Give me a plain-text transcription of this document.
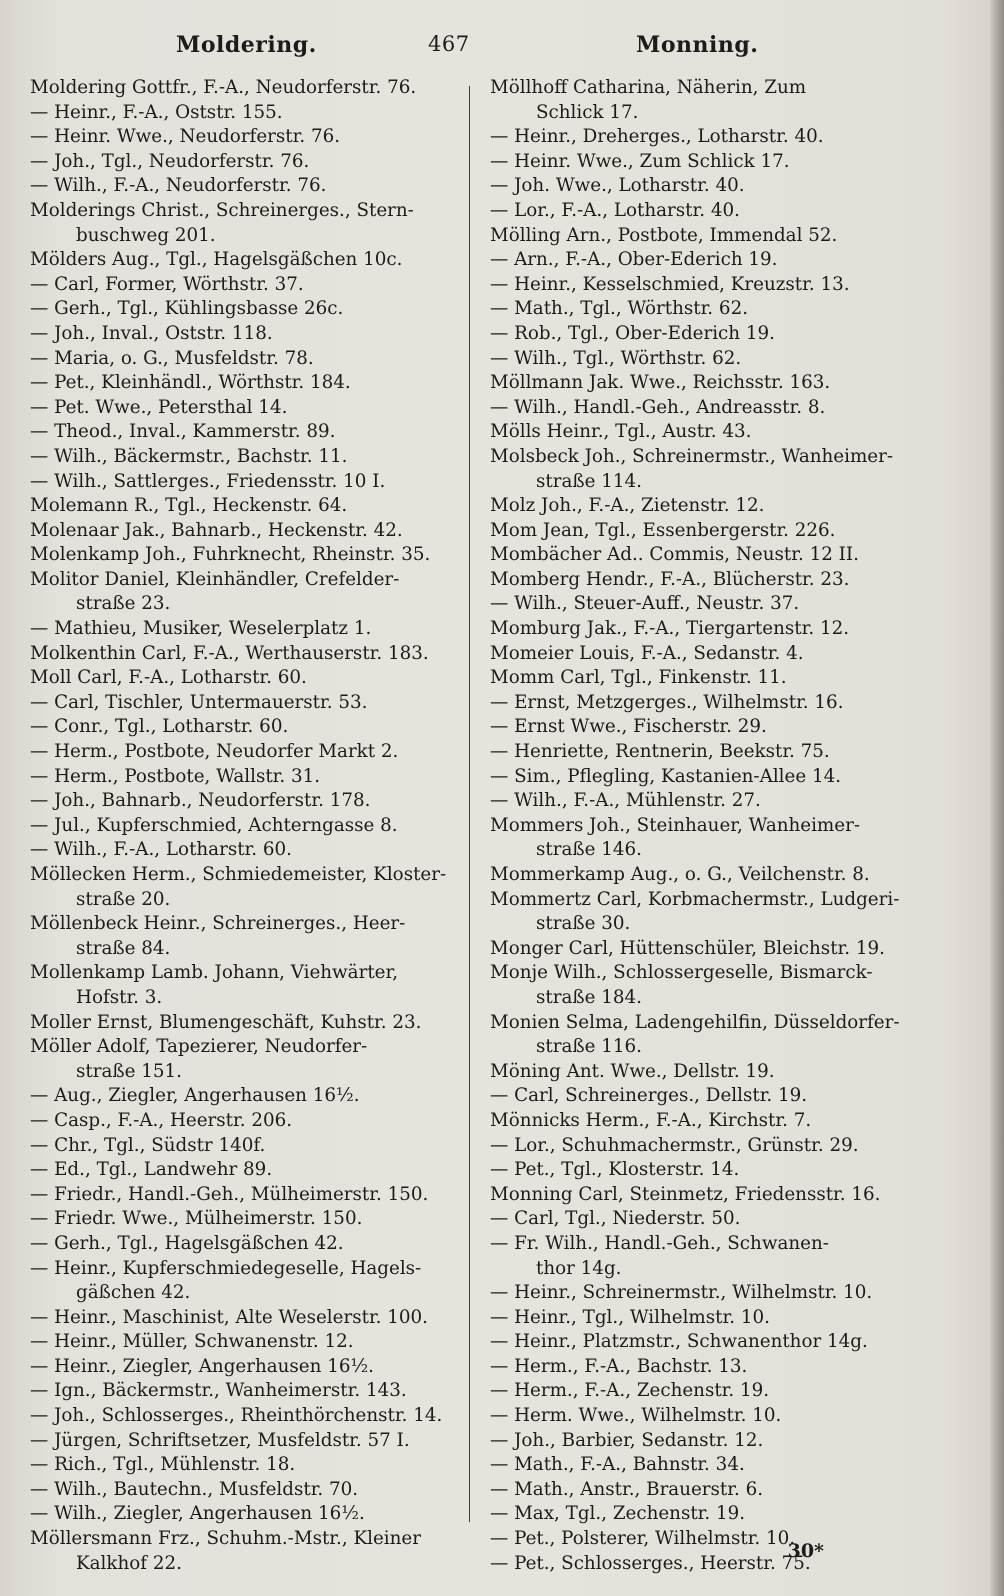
Moldering.	467	Monning.
Moldering Gottfr., F.-A., Neudorferstr. 76.
— Heinr., F.-A., Oststr. 155.
— Heinr. Wwe., Neudorferstr. 76.
— Joh., Tgl., Neudorferstr. 76.
— Wilh., F.-A., Neudorferstr. 76.
Molderings Christ., Schreinerges., Stern-
buschweg 201.
Mölders Aug., Tgl., Hagelsgäßchen 10c.
— Carl, Former, Wörthstr. 37.
— Gerh., Tgl., Kühlingsbasse 26c.
— Joh., Inval., Oststr. 118.
— Maria, o. G., Musfeldstr. 78.
— Pet., Kleinhändl., Wörthstr. 184.
— Pet. Wwe., Petersthal 14.
— Theod., Inval., Kammerstr. 89.
— Wilh., Bäckermstr., Bachstr. 11.
— Wilh., Sattlerges., Friedensstr. 10 I.
Molemann R., Tgl., Heckenstr. 64.
Molenaar Jak., Bahnarb., Heckenstr. 42.
Molenkamp Joh., Fuhrknecht, Rheinstr. 35.
Molitor Daniel, Kleinhändler, Crefelder-
straße 23.
— Mathieu, Musiker, Weselerplatz 1.
Molkenthin Carl, F.-A., Werthauserstr. 183.
Moll Carl, F.-A., Lotharstr. 60.
— Carl, Tischler, Untermauerstr. 53.
— Conr., Tgl., Lotharstr. 60.
— Herm., Postbote, Neudorfer Markt 2.
— Herm., Postbote, Wallstr. 31.
— Joh., Bahnarb., Neudorferstr. 178.
— Jul., Kupferschmied, Achterngasse 8.
— Wilh., F.-A., Lotharstr. 60.
Möllecken Herm., Schmiedemeister, Kloster-
straße 20.
Möllenbeck Heinr., Schreinerges., Heer-
straße 84.
Mollenkamp Lamb. Johann, Viehwärter,
Hofstr. 3.
Moller Ernst, Blumengeschäft, Kuhstr. 23.
Möller Adolf, Tapezierer, Neudorfer-
straße 151.
— Aug., Ziegler, Angerhausen 16½.
— Casp., F.-A., Heerstr. 206.
— Chr., Tgl., Südstr 140f.
— Ed., Tgl., Landwehr 89.
— Friedr., Handl.-Geh., Mülheimerstr. 150.
— Friedr. Wwe., Mülheimerstr. 150.
— Gerh., Tgl., Hagelsgäßchen 42.
— Heinr., Kupferschmiedegeselle, Hagels-
gäßchen 42.
— Heinr., Maschinist, Alte Weselerstr. 100.
— Heinr., Müller, Schwanenstr. 12.
— Heinr., Ziegler, Angerhausen 16½.
— Ign., Bäckermstr., Wanheimerstr. 143.
— Joh., Schlosserges., Rheinthörchenstr. 14.
— Jürgen, Schriftsetzer, Musfeldstr. 57 I.
— Rich., Tgl., Mühlenstr. 18.
— Wilh., Bautechn., Musfeldstr. 70.
— Wilh., Ziegler, Angerhausen 16½.
Möllersmann Frz., Schuhm.-Mstr., Kleiner
Kalkhof 22.
Möllhoff Catharina, Näherin, Zum
Schlick 17.
— Heinr., Dreherges., Lotharstr. 40.
— Heinr. Wwe., Zum Schlick 17.
— Joh. Wwe., Lotharstr. 40.
— Lor., F.-A., Lotharstr. 40.
Mölling Arn., Postbote, Immendal 52.
— Arn., F.-A., Ober-Ederich 19.
— Heinr., Kesselschmied, Kreuzstr. 13.
— Math., Tgl., Wörthstr. 62.
— Rob., Tgl., Ober-Ederich 19.
— Wilh., Tgl., Wörthstr. 62.
Möllmann Jak. Wwe., Reichsstr. 163.
— Wilh., Handl.-Geh., Andreasstr. 8.
Mölls Heinr., Tgl., Austr. 43.
Molsbeck Joh., Schreinermstr., Wanheimer-
straße 114.
Molz Joh., F.-A., Zietenstr. 12.
Mom Jean, Tgl., Essenbergerstr. 226.
Mombächer Ad.. Commis, Neustr. 12 II.
Momberg Hendr., F.-A., Blücherstr. 23.
— Wilh., Steuer-Auff., Neustr. 37.
Momburg Jak., F.-A., Tiergartenstr. 12.
Momeier Louis, F.-A., Sedanstr. 4.
Momm Carl, Tgl., Finkenstr. 11.
— Ernst, Metzgerges., Wilhelmstr. 16.
— Ernst Wwe., Fischerstr. 29.
— Henriette, Rentnerin, Beekstr. 75.
— Sim., Pflegling, Kastanien-Allee 14.
— Wilh., F.-A., Mühlenstr. 27.
Mommers Joh., Steinhauer, Wanheimer-
straße 146.
Mommerkamp Aug., o. G., Veilchenstr. 8.
Mommertz Carl, Korbmachermstr., Ludgeri-
straße 30.
Monger Carl, Hüttenschüler, Bleichstr. 19.
Monje Wilh., Schlossergeselle, Bismarck-
straße 184.
Monien Selma, Ladengehilfin, Düsseldorfer-
straße 116.
Möning Ant. Wwe., Dellstr. 19.
— Carl, Schreinerges., Dellstr. 19.
Mönnicks Herm., F.-A., Kirchstr. 7.
— Lor., Schuhmachermstr., Grünstr. 29.
— Pet., Tgl., Klosterstr. 14.
Monning Carl, Steinmetz, Friedensstr. 16.
— Carl, Tgl., Niederstr. 50.
— Fr. Wilh., Handl.-Geh., Schwanen-
thor 14g.
— Heinr., Schreinermstr., Wilhelmstr. 10.
— Heinr., Tgl., Wilhelmstr. 10.
— Heinr., Platzmstr., Schwanenthor 14g.
— Herm., F.-A., Bachstr. 13.
— Herm., F.-A., Zechenstr. 19.
— Herm. Wwe., Wilhelmstr. 10.
— Joh., Barbier, Sedanstr. 12.
— Math., F.-A., Bahnstr. 34.
— Math., Anstr., Brauerstr. 6.
— Max, Tgl., Zechenstr. 19.
— Pet., Polsterer, Wilhelmstr. 10.
— Pet., Schlosserges., Heerstr. 75.
30*
